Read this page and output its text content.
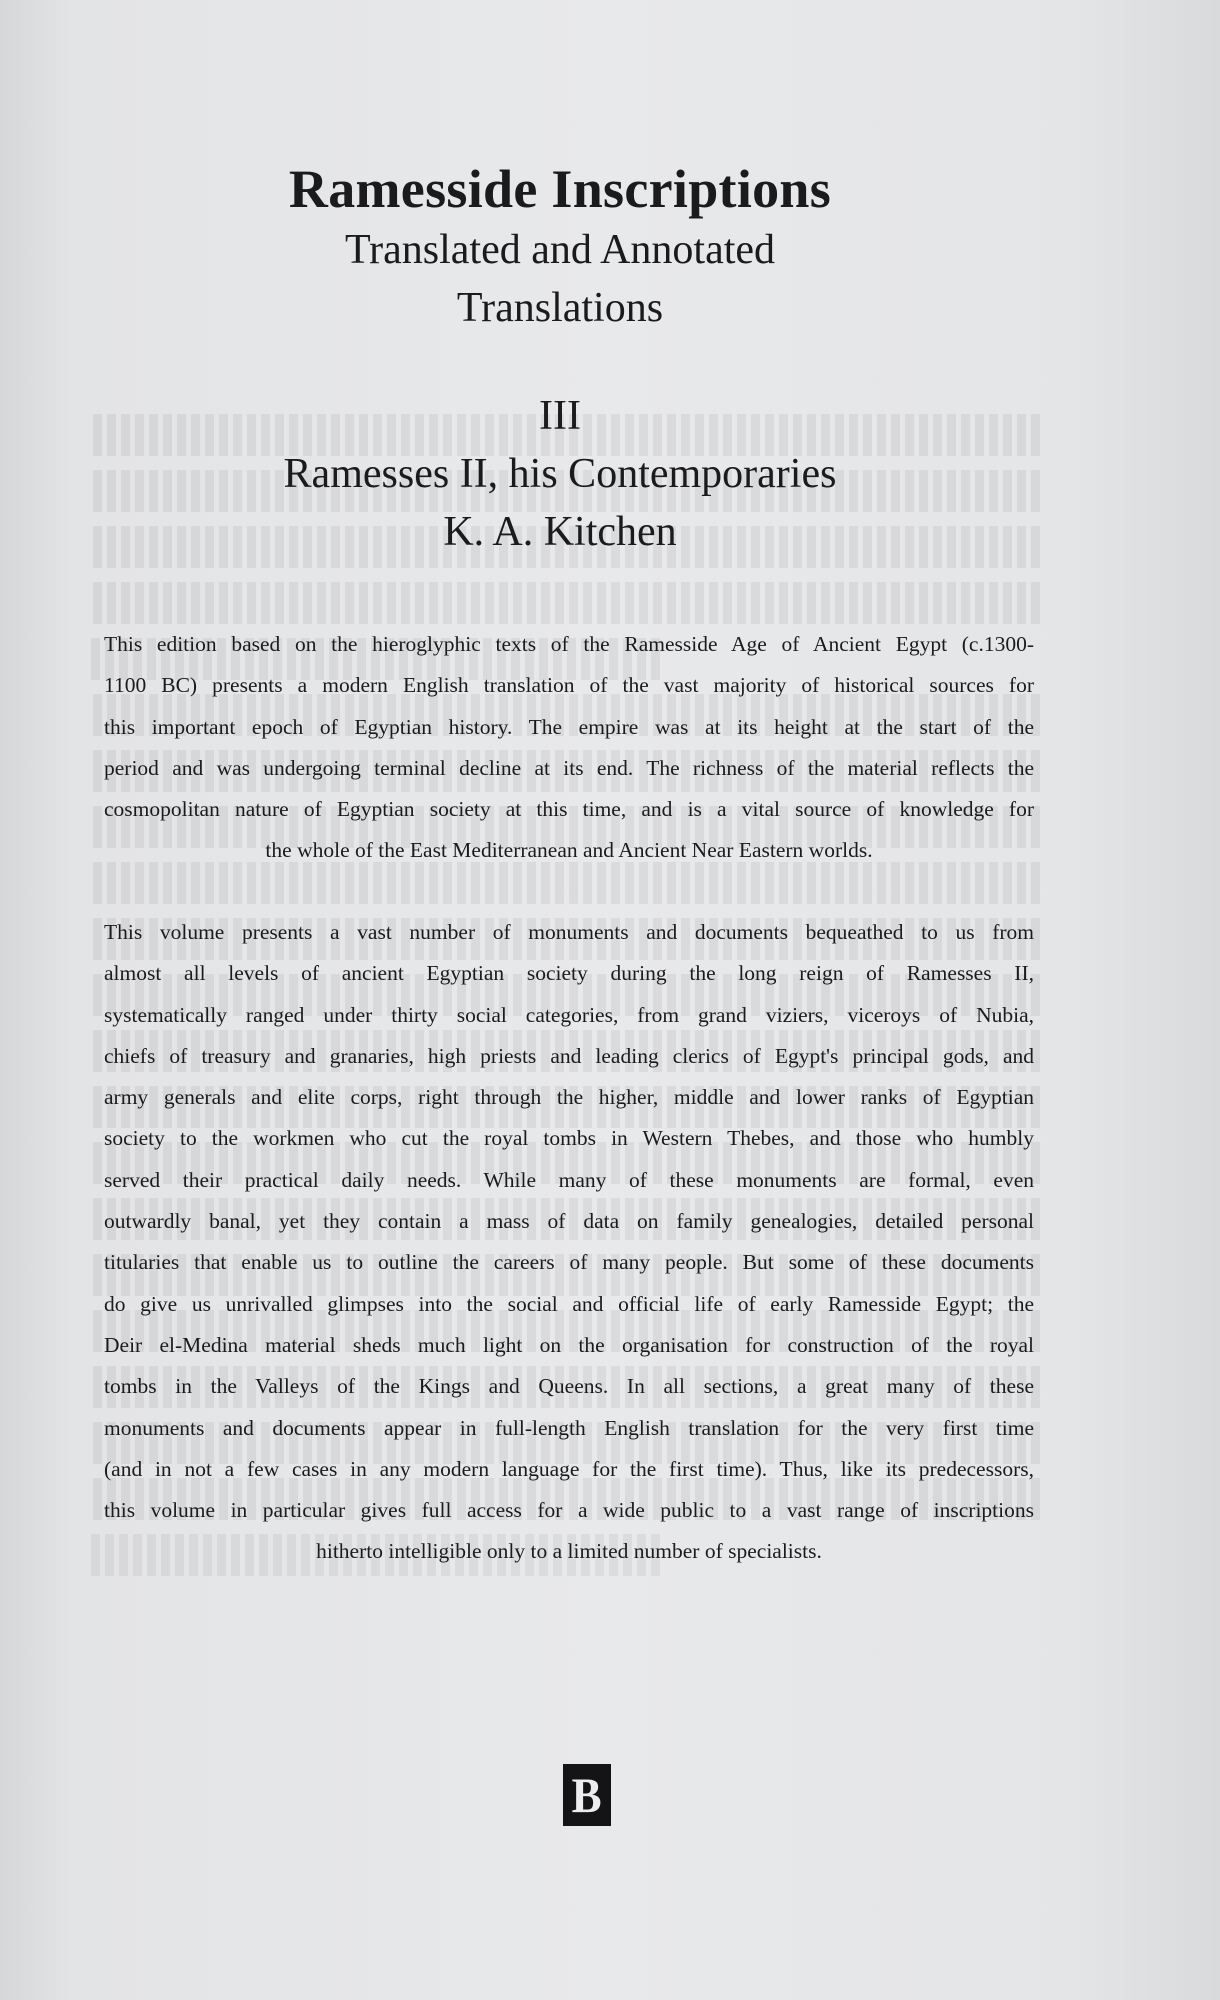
Ramesside Inscriptions
Translated and Annotated
Translations
III
Ramesses II, his Contemporaries
K. A. Kitchen
This edition based on the hieroglyphic texts of the Ramesside Age of Ancient Egypt (c.1300-
1100 BC) presents a modern English translation of the vast majority of historical sources for
this important epoch of Egyptian history. The empire was at its height at the start of the
period and was undergoing terminal decline at its end. The richness of the material reflects the
cosmopolitan nature of Egyptian society at this time, and is a vital source of knowledge for
the whole of the East Mediterranean and Ancient Near Eastern worlds.
This volume presents a vast number of monuments and documents bequeathed to us from
almost all levels of ancient Egyptian society during the long reign of Ramesses II,
systematically ranged under thirty social categories, from grand viziers, viceroys of Nubia,
chiefs of treasury and granaries, high priests and leading clerics of Egypt's principal gods, and
army generals and elite corps, right through the higher, middle and lower ranks of Egyptian
society to the workmen who cut the royal tombs in Western Thebes, and those who humbly
served their practical daily needs. While many of these monuments are formal, even
outwardly banal, yet they contain a mass of data on family genealogies, detailed personal
titularies that enable us to outline the careers of many people. But some of these documents
do give us unrivalled glimpses into the social and official life of early Ramesside Egypt; the
Deir el-Medina material sheds much light on the organisation for construction of the royal
tombs in the Valleys of the Kings and Queens. In all sections, a great many of these
monuments and documents appear in full-length English translation for the very first time
(and in not a few cases in any modern language for the first time). Thus, like its predecessors,
this volume in particular gives full access for a wide public to a vast range of inscriptions
hitherto intelligible only to a limited number of specialists.
B
